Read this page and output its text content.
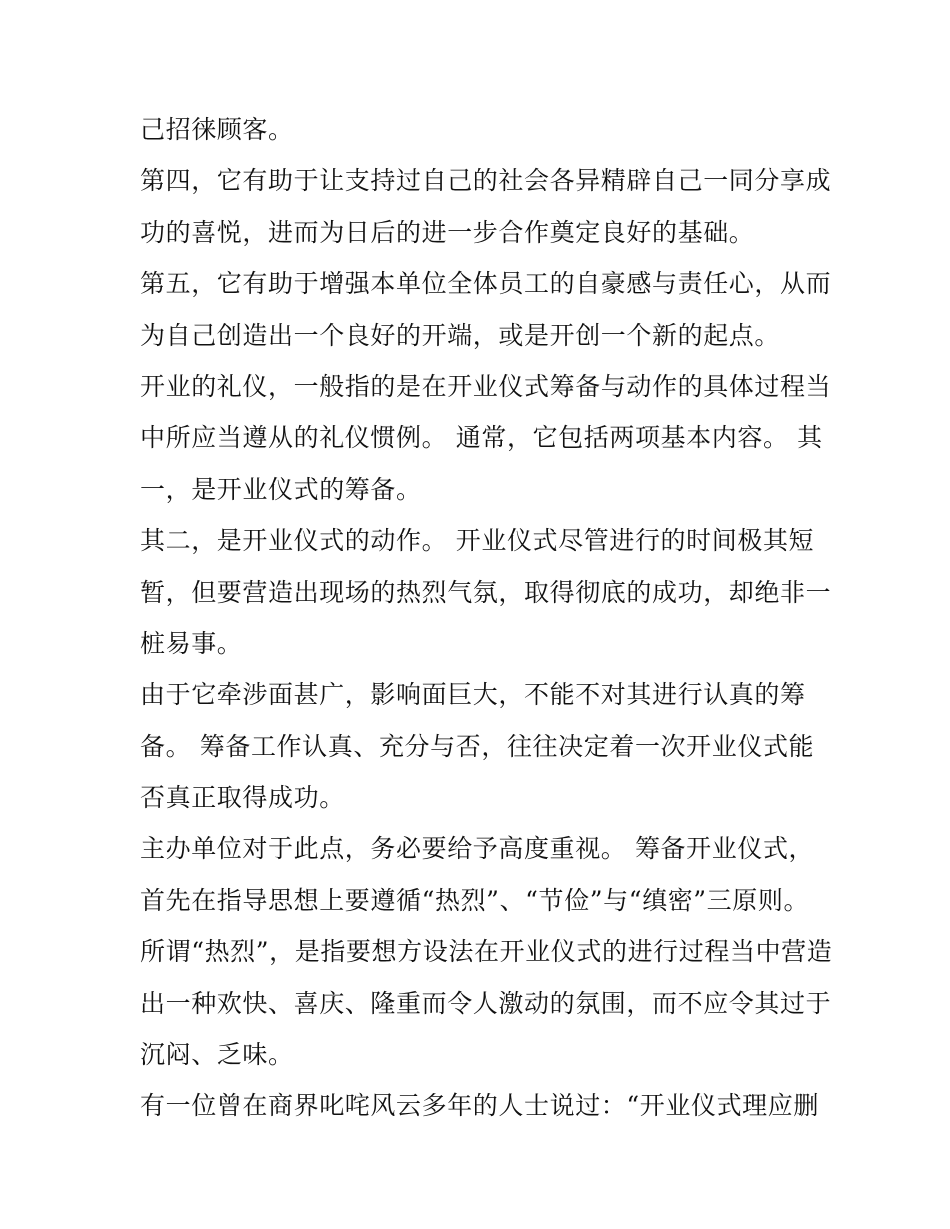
己招徕顾客。
第四，它有助于让支持过自己的社会各异精辟自己一同分享成
功的喜悦，进而为日后的进一步合作奠定良好的基础。
第五，它有助于增强本单位全体员工的自豪感与责任心，从而
为自己创造出一个良好的开端，或是开创一个新的起点。
开业的礼仪，一般指的是在开业仪式筹备与动作的具体过程当
中所应当遵从的礼仪惯例。 通常，它包括两项基本内容。 其
一，是开业仪式的筹备。
其二，是开业仪式的动作。 开业仪式尽管进行的时间极其短
暂，但要营造出现场的热烈气氛，取得彻底的成功，却绝非一
桩易事。
由于它牵涉面甚广，影响面巨大，不能不对其进行认真的筹
备。 筹备工作认真、充分与否，往往决定着一次开业仪式能
否真正取得成功。
主办单位对于此点，务必要给予高度重视。 筹备开业仪式，
首先在指导思想上要遵循“热烈”、“节俭”与“缜密”三原则。
所谓“热烈”，是指要想方设法在开业仪式的进行过程当中营造
出一种欢快、喜庆、隆重而令人激动的氛围，而不应令其过于
沉闷、乏味。
有一位曾在商界叱咤风云多年的人士说过：“开业仪式理应删
